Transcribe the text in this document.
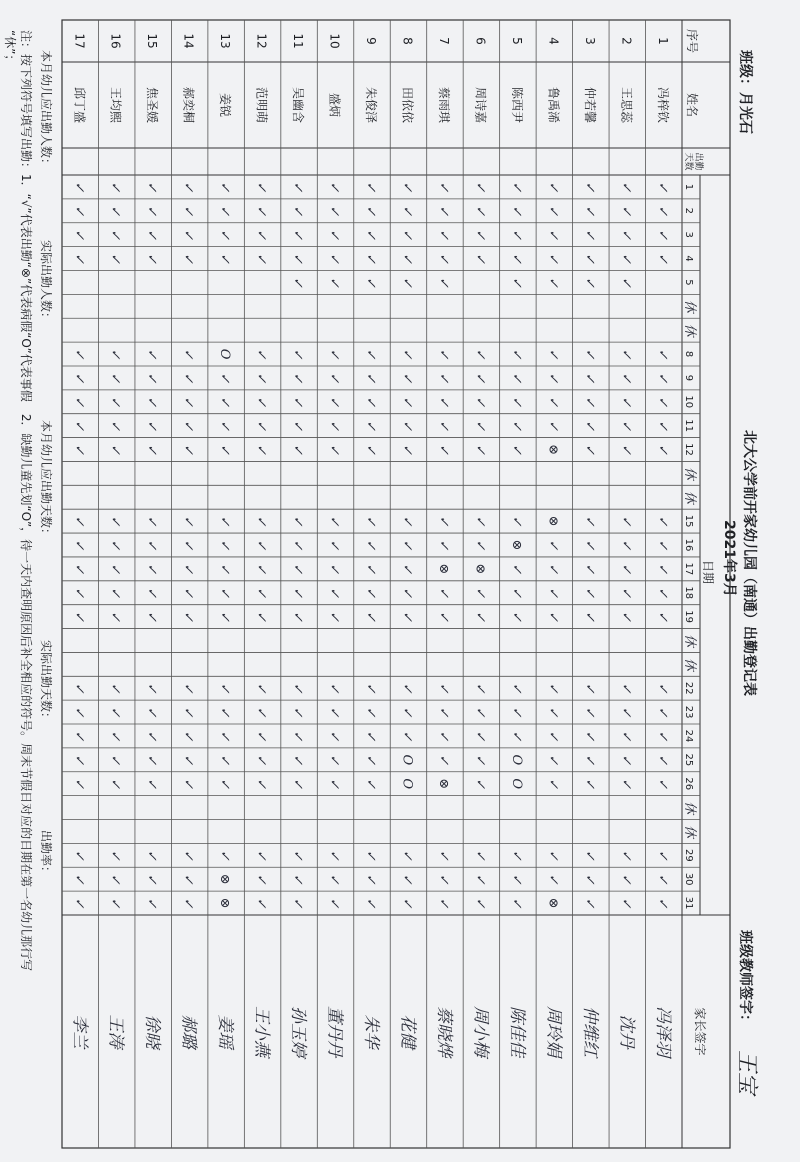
班级：月光石
北大公学前开家幼儿园（南通）出勤登记表
2021年3月
日期
班级教师签字：
王宝
序号
姓名
出勤
天数
家长签字
1
2
3
4
5
休
休
8
9
10
11
12
休
休
15
16
17
18
19
休
休
22
23
24
25
26
休
休
29
30
31
1
冯梓钦
冯泽羽
✓
✓
✓
✓
✓
✓
✓
✓
✓
✓
✓
✓
✓
✓
✓
✓
✓
✓
✓
✓
✓
✓
2
王思蕊
沈丹
✓
✓
✓
✓
✓
✓
✓
✓
✓
✓
✓
✓
✓
✓
✓
✓
✓
✓
✓
✓
✓
✓
✓
3
仲若馨
仲维红
✓
✓
✓
✓
✓
✓
✓
✓
✓
✓
✓
✓
✓
✓
✓
✓
✓
✓
✓
✓
✓
✓
✓
4
鲁禹浠
周玲娟
✓
✓
✓
✓
✓
✓
✓
✓
✓
⊗
⊗
✓
✓
✓
✓
✓
✓
✓
✓
✓
✓
✓
⊗
5
陈西尹
陈佳佳
✓
✓
✓
✓
✓
✓
✓
✓
✓
✓
✓
⊗
✓
✓
✓
✓
✓
✓
O
O
✓
✓
✓
6
周诗嘉
周小梅
✓
✓
✓
✓
✓
✓
✓
✓
✓
✓
✓
⊗
✓
✓
✓
✓
✓
✓
✓
✓
✓
✓
7
蔡雨琪
蔡晓烨
✓
✓
✓
✓
✓
✓
✓
✓
✓
✓
✓
✓
⊗
✓
✓
✓
✓
✓
✓
⊗
✓
✓
✓
8
田依依
花健
✓
✓
✓
✓
✓
✓
✓
✓
✓
✓
✓
✓
✓
✓
✓
✓
✓
✓
O
O
✓
✓
✓
9
朱俊泽
朱华
✓
✓
✓
✓
✓
✓
✓
✓
✓
✓
✓
✓
✓
✓
✓
✓
✓
✓
✓
✓
✓
✓
✓
10
盛炳
董丹丹
✓
✓
✓
✓
✓
✓
✓
✓
✓
✓
✓
✓
✓
✓
✓
✓
✓
✓
✓
✓
✓
✓
✓
11
吴幽含
孙玉婷
✓
✓
✓
✓
✓
✓
✓
✓
✓
✓
✓
✓
✓
✓
✓
✓
✓
✓
✓
✓
✓
✓
✓
12
范明萌
王小燕
✓
✓
✓
✓
✓
✓
✓
✓
✓
✓
✓
✓
✓
✓
✓
✓
✓
✓
✓
✓
✓
✓
13
姜锐
姜瑶
✓
✓
✓
✓
O
✓
✓
✓
✓
✓
✓
✓
✓
✓
✓
✓
✓
✓
✓
✓
⊗
⊗
14
郝奕桐
郝璐
✓
✓
✓
✓
✓
✓
✓
✓
✓
✓
✓
✓
✓
✓
✓
✓
✓
✓
✓
✓
✓
✓
15
焦圣媛
徐晓
✓
✓
✓
✓
✓
✓
✓
✓
✓
✓
✓
✓
✓
✓
✓
✓
✓
✓
✓
✓
✓
✓
16
王均熙
王涛
✓
✓
✓
✓
✓
✓
✓
✓
✓
✓
✓
✓
✓
✓
✓
✓
✓
✓
✓
✓
✓
✓
17
邱丁盛
李兰
✓
✓
✓
✓
✓
✓
✓
✓
✓
✓
✓
✓
✓
✓
✓
✓
✓
✓
✓
✓
✓
✓
本月幼儿应出勤人数：
实际出勤人数：
本月幼儿应出勤天数：
实际出勤天数：
出勤率：
注：按下列符号填写出勤：1．“√”代表出勤“⊗”代表病假“O”代表事假　2．缺勤儿童先划“O”，待一天内查明原因后补全相应的符号。周末节假日对应的日期在第一名幼儿那行写
“休”；
